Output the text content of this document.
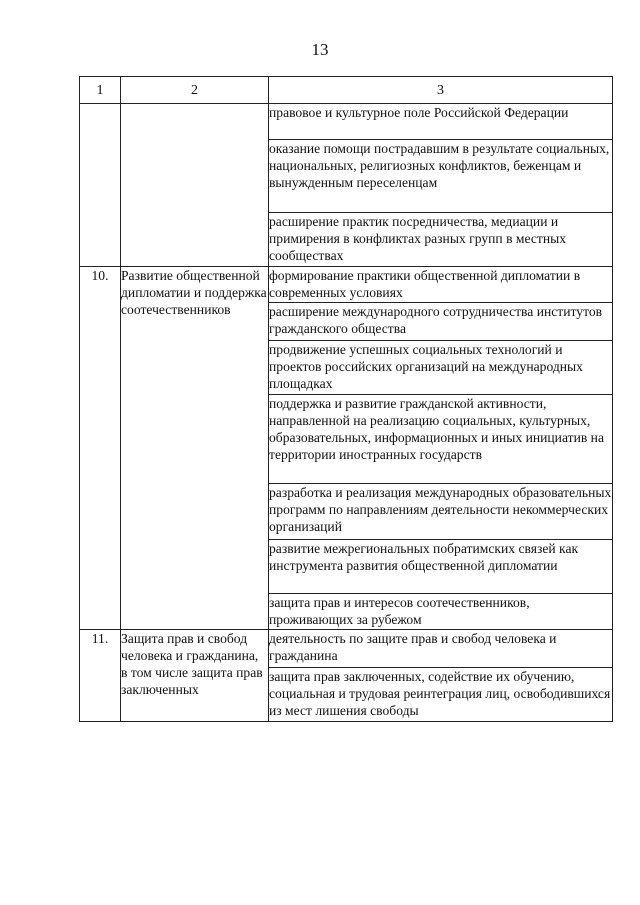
13
1	2	3

		правовое и культурное поле Российской Федерации

		оказание помощи пострадавшим в результате социальных, национальных, религиозных конфликтов, беженцам и вынужденным переселенцам

		расширение практик посредничества, медиации и примирения в конфликтах разных групп в местных сообществах

10.	Развитие общественной дипломатии и поддержка соотечественников	формирование практики общественной дипломатии в современных условиях

		расширение международного сотрудничества институтов гражданского общества

		продвижение успешных социальных технологий и проектов российских организаций на международных площадках

		поддержка и развитие гражданской активности, направленной на реализацию социальных, культурных, образовательных, информационных и иных инициатив на территории иностранных государств

		разработка и реализация международных образовательных программ по направлениям деятельности некоммерческих организаций

		развитие межрегиональных побратимских связей как инструмента развития общественной дипломатии

		защита прав и интересов соотечественников, проживающих за рубежом

11.	Защита прав и свобод человека и гражданина, в том числе защита прав заключенных	деятельность по защите прав и свобод человека и гражданина

		защита прав заключенных, содействие их обучению, социальная и трудовая реинтеграция лиц, освободившихся из мест лишения свободы
